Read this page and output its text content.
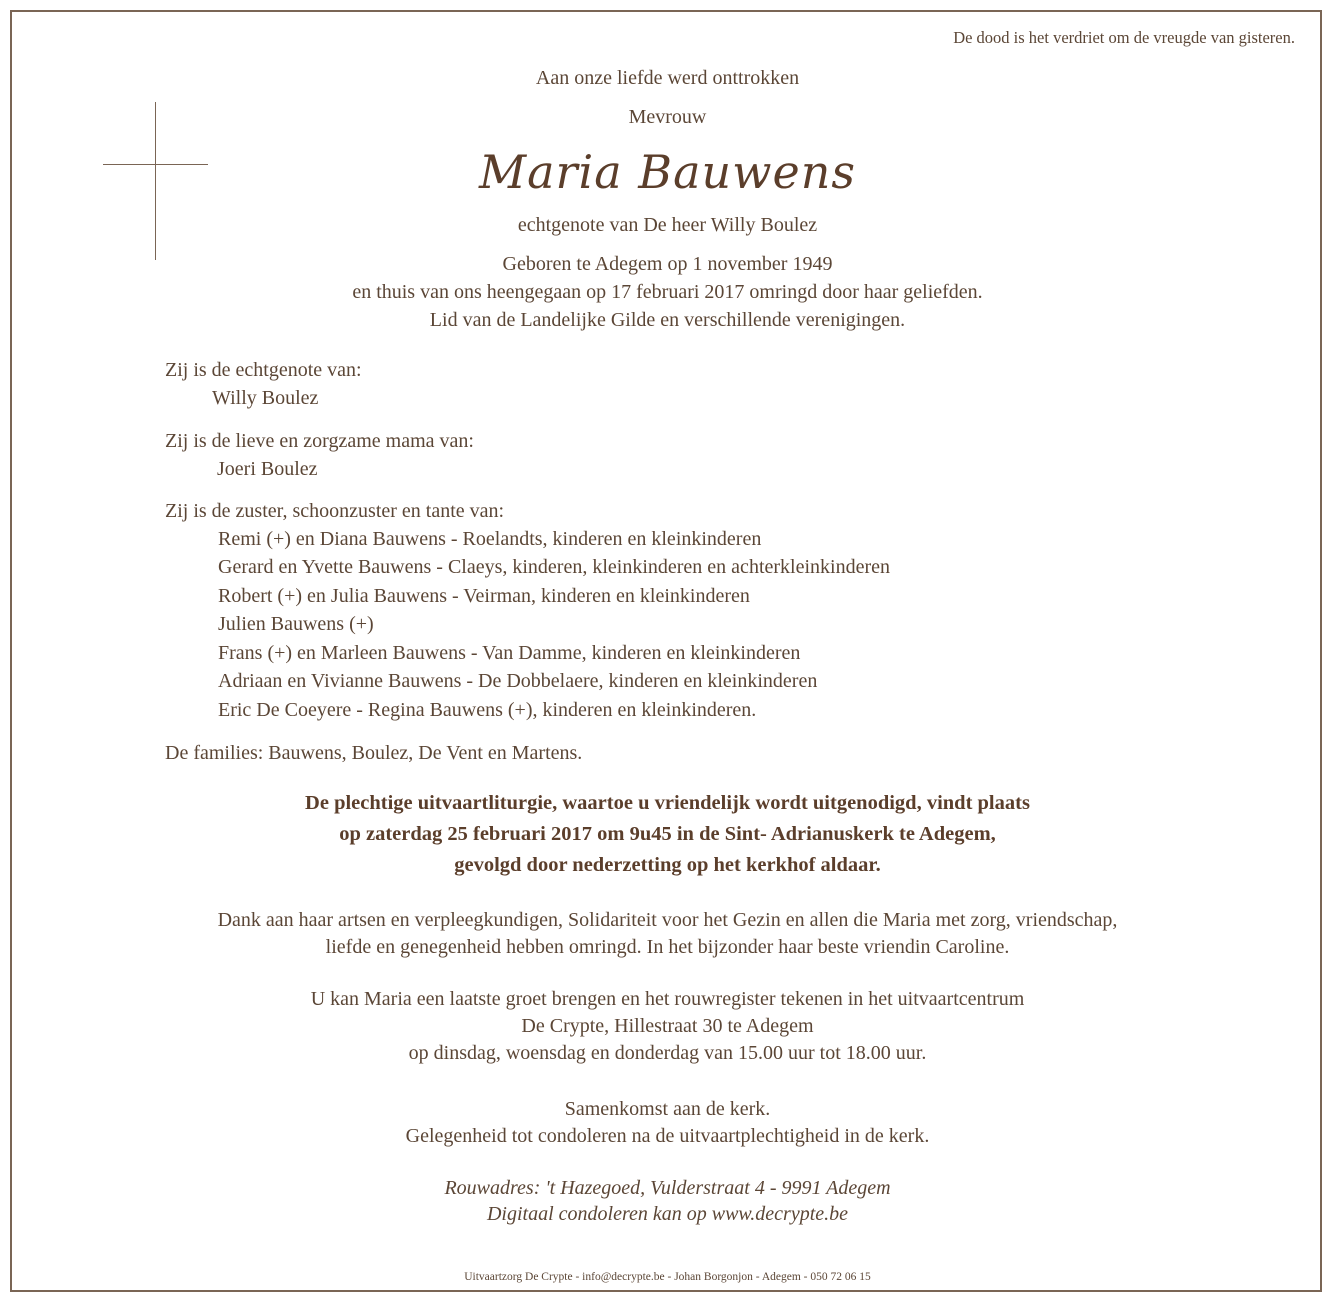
De dood is het verdriet om de vreugde van gisteren.
Aan onze liefde werd onttrokken
Mevrouw
Maria Bauwens
echtgenote van De heer Willy Boulez
Geboren te Adegem op 1 november 1949
en thuis van ons heengegaan op 17 februari 2017 omringd door haar geliefden.
Lid van de Landelijke Gilde en verschillende verenigingen.
Zij is de echtgenote van:
Willy Boulez
Zij is de lieve en zorgzame mama van:
Joeri Boulez
Zij is de zuster, schoonzuster en tante van:
Remi (+) en Diana Bauwens - Roelandts, kinderen en kleinkinderen
Gerard en Yvette Bauwens - Claeys, kinderen, kleinkinderen en achterkleinkinderen
Robert (+) en Julia Bauwens - Veirman, kinderen en kleinkinderen
Julien Bauwens (+)
Frans (+) en Marleen Bauwens - Van Damme, kinderen en kleinkinderen
Adriaan en Vivianne Bauwens - De Dobbelaere, kinderen en kleinkinderen
Eric De Coeyere - Regina Bauwens (+), kinderen en kleinkinderen.
De families: Bauwens, Boulez, De Vent en Martens.
De plechtige uitvaartliturgie, waartoe u vriendelijk wordt uitgenodigd, vindt plaats
op zaterdag 25 februari 2017 om 9u45 in de Sint- Adrianuskerk te Adegem,
gevolgd door nederzetting op het kerkhof aldaar.
Dank aan haar artsen en verpleegkundigen, Solidariteit voor het Gezin en allen die Maria met zorg, vriendschap,
liefde en genegenheid hebben omringd. In het bijzonder haar beste vriendin Caroline.
U kan Maria een laatste groet brengen en het rouwregister tekenen in het uitvaartcentrum
De Crypte, Hillestraat 30 te Adegem
op dinsdag, woensdag en donderdag van 15.00 uur tot 18.00 uur.
Samenkomst aan de kerk.
Gelegenheid tot condoleren na de uitvaartplechtigheid in de kerk.
Rouwadres: 't Hazegoed, Vulderstraat 4 - 9991 Adegem
Digitaal condoleren kan op www.decrypte.be
Uitvaartzorg De Crypte - info@decrypte.be - Johan Borgonjon - Adegem - 050 72 06 15
